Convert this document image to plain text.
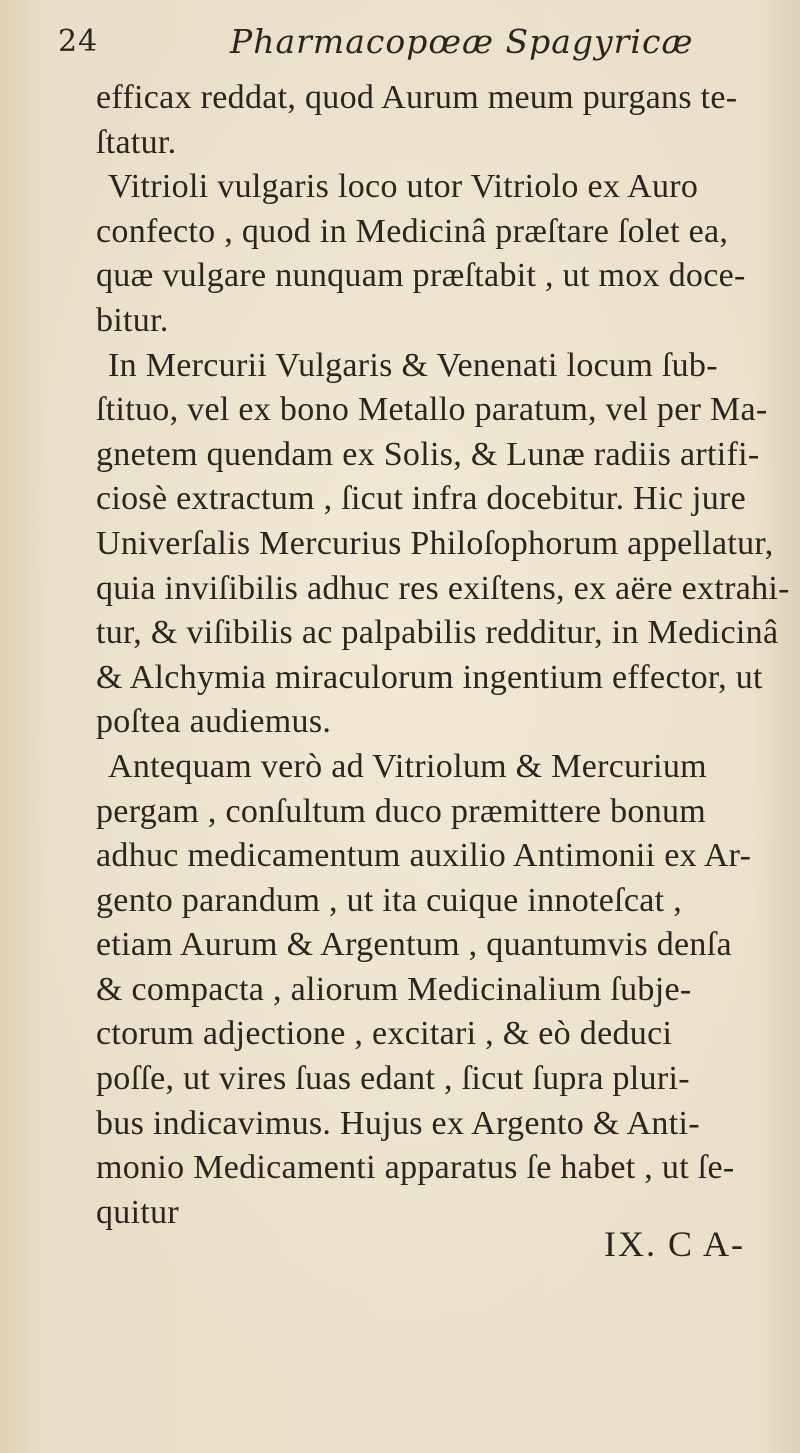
24	Pharmacopœæ Spagyricæ
efficax reddat, quod Aurum meum purgans te-
ſtatur.
Vitrioli vulgaris loco utor Vitriolo ex Auro
confecto , quod in Medicinâ præſtare ſolet ea,
quæ vulgare nunquam præſtabit , ut mox doce-
bitur.
In Mercurii Vulgaris & Venenati locum ſub-
ſtituo, vel ex bono Metallo paratum, vel per Ma-
gnetem quendam ex Solis, & Lunæ radiis artifi-
ciosè extractum , ſicut infra docebitur. Hic jure
Univerſalis Mercurius Philoſophorum appellatur,
quia inviſibilis adhuc res exiſtens, ex aëre extrahi-
tur, & viſibilis ac palpabilis redditur, in Medicinâ
& Alchymia miraculorum ingentium effector, ut
poſtea audiemus.
Antequam verò ad Vitriolum & Mercurium
pergam , conſultum duco præmittere bonum
adhuc medicamentum auxilio Antimonii ex Ar-
gento parandum , ut ita cuique innoteſcat ,
etiam Aurum & Argentum , quantumvis denſa
& compacta , aliorum Medicinalium ſubje-
ctorum adjectione , excitari , & eò deduci
poſſe, ut vires ſuas edant , ſicut ſupra pluri-
bus indicavimus. Hujus ex Argento & Anti-
monio Medicamenti apparatus ſe habet , ut ſe-
quitur
IX. C A-
